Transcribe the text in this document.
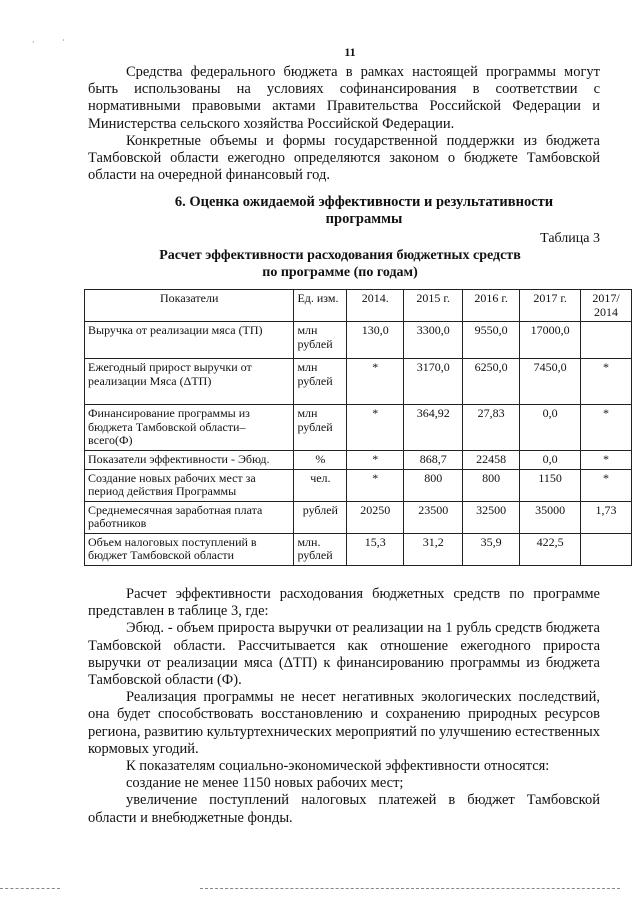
·	·
11

Средства федерального бюджета в рамках настоящей программы могут быть использованы на условиях софинансирования в соответствии с нормативными правовыми актами Правительства Российской Федерации и Министерства сельского хозяйства Российской Федерации.

Конкретные объемы и формы государственной поддержки из бюджета Тамбовской области ежегодно определяются законом о бюджете Тамбовской области на очередной финансовый год.

6. Оценка ожидаемой эффективности и результативности
программы
Таблица 3
Расчет эффективности расходования бюджетных средств
по программе (по годам)
Показатели	Ед. изм.	2014.	2015 г.	2016 г.	2017 г.	2017/ 2014
Выручка от реализации мяса (ТП)	млн рублей	130,0	3300,0	9550,0	17000,0	
Ежегодный прирост выручки от реализации Мяса (ΔТП)	млн рублей	*	3170,0	6250,0	7450,0	*
Финансирование программы из бюджета Тамбовской области– всего(Ф)	млн рублей	*	364,92	27,83	0,0	*
Показатели эффективности - Эбюд.	%	*	868,7	22458	0,0	*
Создание новых рабочих мест за период действия Программы	чел.	*	800	800	1150	*
Среднемесячная заработная плата работников	рублей	20250	23500	32500	35000	1,73
Объем налоговых поступлений в бюджет Тамбовской области	млн. рублей	15,3	31,2	35,9	422,5	

Расчет эффективности расходования бюджетных средств по программе представлен в таблице 3, где:

Эбюд. - объем прироста выручки от реализации на 1 рубль средств бюджета Тамбовской области. Рассчитывается как отношение ежегодного прироста выручки от реализации мяса (ΔТП) к финансированию программы из бюджета Тамбовской области (Ф).

Реализация программы не несет негативных экологических последствий, она будет способствовать восстановлению и сохранению природных ресурсов региона, развитию культуртехнических мероприятий по улучшению естественных кормовых угодий.

К показателям социально-экономической эффективности относятся:

создание не менее 1150 новых рабочих мест;

увеличение поступлений налоговых платежей в бюджет Тамбовской области и внебюджетные фонды.
